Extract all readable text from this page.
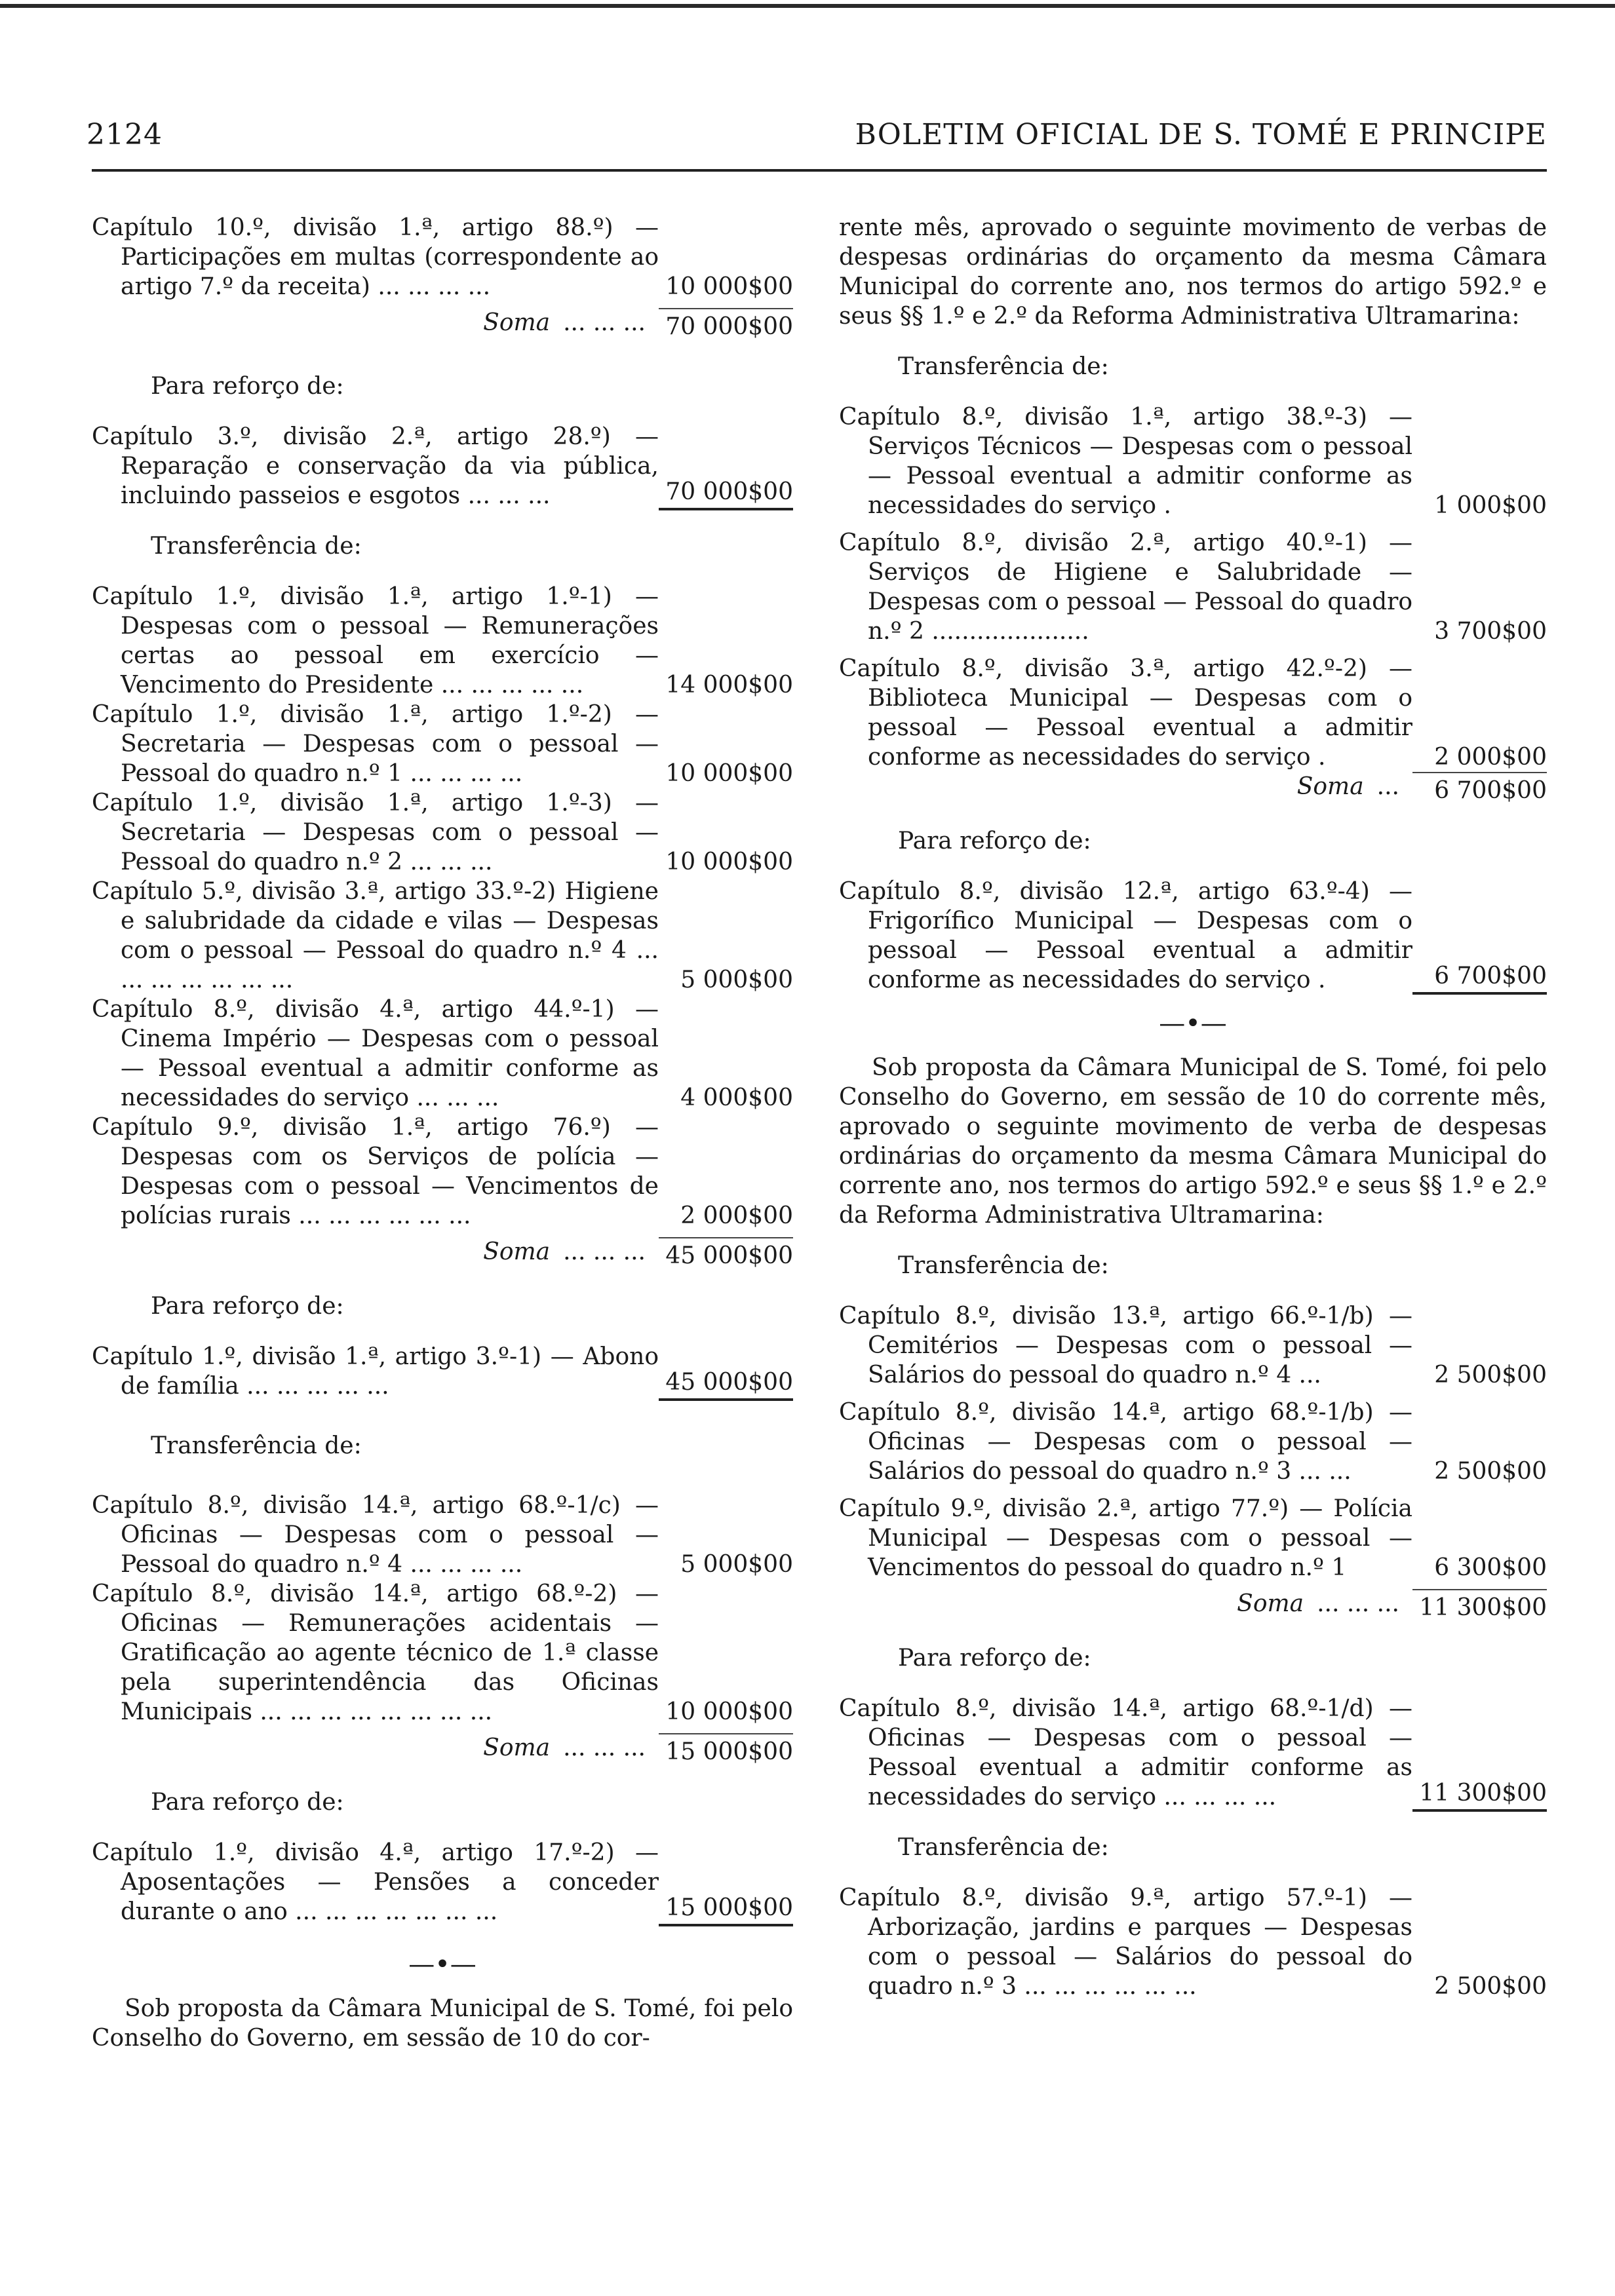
2124	BOLETIM OFICIAL DE S. TOMÉ E PRINCIPE
Capítulo 10.º, divisão 1.ª, artigo 88.º) — Participações em multas (correspondente ao artigo 7.º da receita) ... ... ... ...	10 000$00
Soma ... ... ... 70 000$00
Para reforço de:
Capítulo 3.º, divisão 2.ª, artigo 28.º) — Reparação e conservação da via pública, incluindo passeios e esgotos ... ... ...	70 000$00
Transferência de:
Capítulo 1.º, divisão 1.ª, artigo 1.º-1) — Despesas com o pessoal — Remunerações certas ao pessoal em exercício — Vencimento do Presidente ... ... ... ... ...	14 000$00
Capítulo 1.º, divisão 1.ª, artigo 1.º-2) — Secretaria — Despesas com o pessoal — Pessoal do quadro n.º 1 ... ... ... ...	10 000$00
Capítulo 1.º, divisão 1.ª, artigo 1.º-3) — Secretaria — Despesas com o pessoal — Pessoal do quadro n.º 2 ... ... ...	10 000$00
Capítulo 5.º, divisão 3.ª, artigo 33.º-2) Higiene e salubridade da cidade e vilas — Despesas com o pessoal — Pessoal do quadro n.º 4 ... ... ... ... ... ... ...	5 000$00
Capítulo 8.º, divisão 4.ª, artigo 44.º-1) — Cinema Império — Despesas com o pessoal — Pessoal eventual a admitir conforme as necessidades do serviço ... ... ...	4 000$00
Capítulo 9.º, divisão 1.ª, artigo 76.º) — Despesas com os Serviços de polícia — Despesas com o pessoal — Vencimentos de polícias rurais ... ... ... ... ... ...	2 000$00
Soma ... ... ... 45 000$00
Para reforço de:
Capítulo 1.º, divisão 1.ª, artigo 3.º-1) — Abono de família ... ... ... ... ...	45 000$00
Transferência de:
Capítulo 8.º, divisão 14.ª, artigo 68.º-1/c) — Oficinas — Despesas com o pessoal — Pessoal do quadro n.º 4 ... ... ... ...	5 000$00
Capítulo 8.º, divisão 14.ª, artigo 68.º-2) — Oficinas — Remunerações acidentais — Gratificação ao agente técnico de 1.ª classe pela superintendência das Oficinas Municipais ... ... ... ... ... ... ... ...	10 000$00
Soma ... ... ... 15 000$00
Para reforço de:
Capítulo 1.º, divisão 4.ª, artigo 17.º-2) — Aposentações — Pensões a conceder durante o ano ... ... ... ... ... ... ...	15 000$00
—•—
Sob proposta da Câmara Municipal de S. Tomé, foi pelo Conselho do Governo, em sessão de 10 do cor-
rente mês, aprovado o seguinte movimento de verbas de despesas ordinárias do orçamento da mesma Câmara Municipal do corrente ano, nos termos do artigo 592.º e seus §§ 1.º e 2.º da Reforma Administrativa Ultramarina:
Transferência de:
Capítulo 8.º, divisão 1.ª, artigo 38.º-3) — Serviços Técnicos — Despesas com o pessoal — Pessoal eventual a admitir conforme as necessidades do serviço .	1 000$00
Capítulo 8.º, divisão 2.ª, artigo 40.º-1) — Serviços de Higiene e Salubridade — Despesas com o pessoal — Pessoal do quadro n.º 2 .....................	3 700$00
Capítulo 8.º, divisão 3.ª, artigo 42.º-2) — Biblioteca Municipal — Despesas com o pessoal — Pessoal eventual a admitir conforme as necessidades do serviço .	2 000$00
Soma ...	6 700$00
Para reforço de:
Capítulo 8.º, divisão 12.ª, artigo 63.º-4) — Frigorífico Municipal — Despesas com o pessoal — Pessoal eventual a admitir conforme as necessidades do serviço .	6 700$00
—•—
Sob proposta da Câmara Municipal de S. Tomé, foi pelo Conselho do Governo, em sessão de 10 do corrente mês, aprovado o seguinte movimento de verba de despesas ordinárias do orçamento da mesma Câmara Municipal do corrente ano, nos termos do artigo 592.º e seus §§ 1.º e 2.º da Reforma Administrativa Ultramarina:
Transferência de:
Capítulo 8.º, divisão 13.ª, artigo 66.º-1/b) — Cemitérios — Despesas com o pessoal — Salários do pessoal do quadro n.º 4 ...	2 500$00
Capítulo 8.º, divisão 14.ª, artigo 68.º-1/b) — Oficinas — Despesas com o pessoal — Salários do pessoal do quadro n.º 3 ... ...	2 500$00
Capítulo 9.º, divisão 2.ª, artigo 77.º) — Polícia Municipal — Despesas com o pessoal — Vencimentos do pessoal do quadro n.º 1	6 300$00
Soma ... ... ... 11 300$00
Para reforço de:
Capítulo 8.º, divisão 14.ª, artigo 68.º-1/d) — Oficinas — Despesas com o pessoal — Pessoal eventual a admitir conforme as necessidades do serviço ... ... ... ...	11 300$00
Transferência de:
Capítulo 8.º, divisão 9.ª, artigo 57.º-1) — Arborização, jardins e parques — Despesas com o pessoal — Salários do pessoal do quadro n.º 3 ... ... ... ... ... ...	2 500$00
